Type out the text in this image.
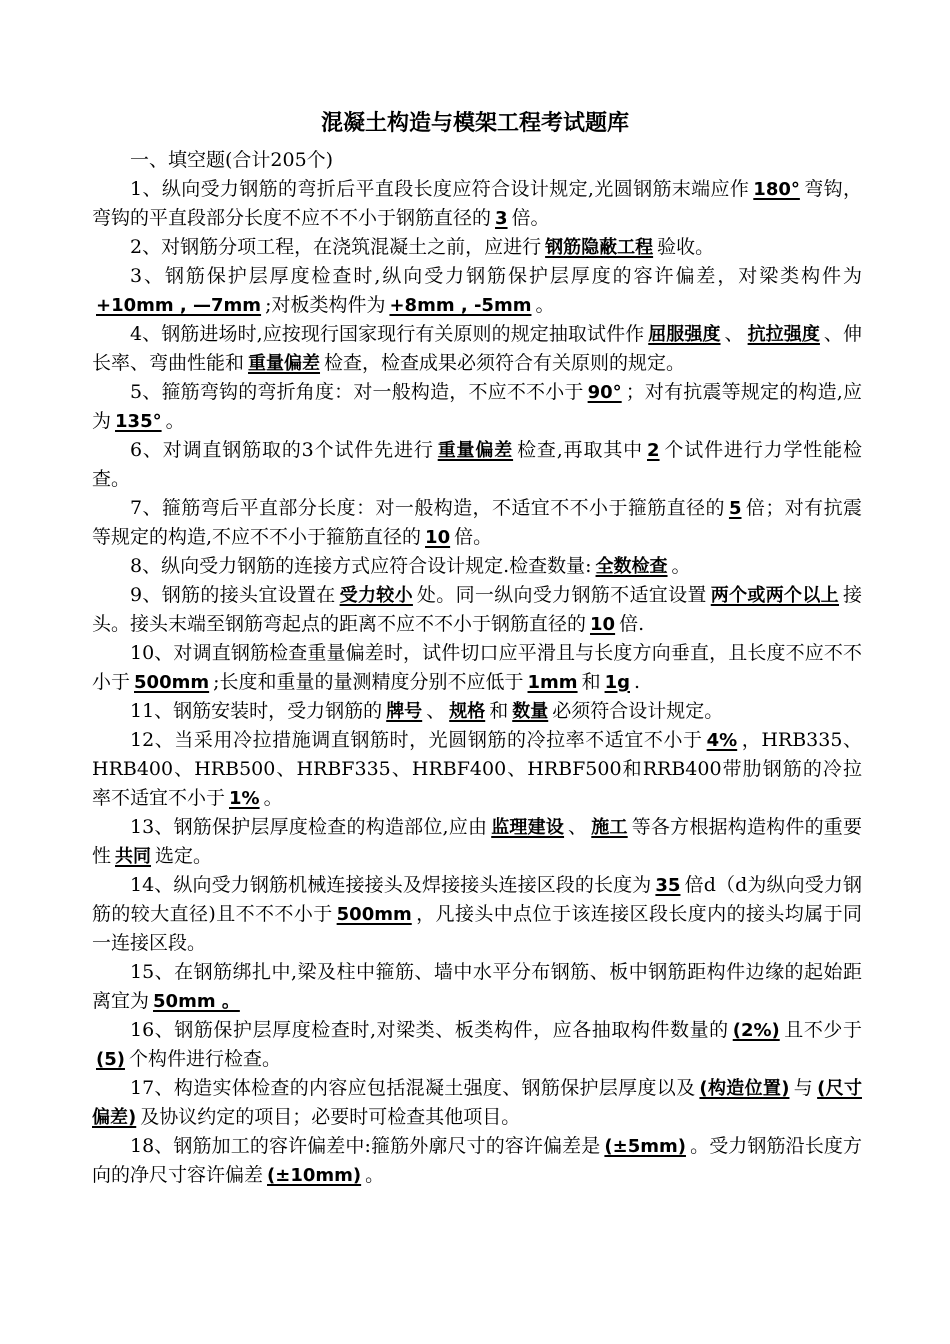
混凝土构造与模架工程考试题库

一、填空题(合计205个)

1、纵向受力钢筋的弯折后平直段长度应符合设计规定,光圆钢筋末端应作 180° 弯钩，弯钩的平直段部分长度不应不不小于钢筋直径的 3 倍。

2、对钢筋分项工程，在浇筑混凝土之前，应进行 钢筋隐蔽工程 验收。

3、钢筋保护层厚度检查时,纵向受力钢筋保护层厚度的容许偏差，对梁类构件为+10mm , —7mm ;对板类构件为 +8mm , -5mm 。

4、钢筋进场时,应按现行国家现行有关原则的规定抽取试件作 屈服强度 、 抗拉强度 、伸长率、弯曲性能和 重量偏差 检查，检查成果必须符合有关原则的规定。

5、箍筋弯钩的弯折角度：对一般构造，不应不不小于 90° ；对有抗震等规定的构造,应为 135° 。

6、对调直钢筋取的3个试件先进行 重量偏差 检查,再取其中 2 个试件进行力学性能检查。

7、箍筋弯后平直部分长度：对一般构造，不适宜不不小于箍筋直径的 5 倍；对有抗震等规定的构造,不应不不小于箍筋直径的 10 倍。

8、纵向受力钢筋的连接方式应符合设计规定.检查数量: 全数检查 。

9、钢筋的接头宜设置在 受力较小 处。同一纵向受力钢筋不适宜设置 两个或两个以上 接头。接头末端至钢筋弯起点的距离不应不不小于钢筋直径的 10 倍.

10、对调直钢筋检查重量偏差时，试件切口应平滑且与长度方向垂直，且长度不应不不小于 500mm ;长度和重量的量测精度分别不应低于 1mm 和 1g .

11、钢筋安装时，受力钢筋的 牌号 、 规格 和 数量 必须符合设计规定。

12、当采用冷拉措施调直钢筋时，光圆钢筋的冷拉率不适宜不小于 4% ，HRB335、HRB400、HRB500、HRBF335、HRBF400、HRBF500和RRB400带肋钢筋的冷拉率不适宜不小于 1% 。

13、钢筋保护层厚度检查的构造部位,应由 监理建设 、 施工 等各方根据构造构件的重要性 共同 选定。

14、纵向受力钢筋机械连接接头及焊接接头连接区段的长度为 35 倍d（d为纵向受力钢筋的较大直径)且不不不小于 500mm ，凡接头中点位于该连接区段长度内的接头均属于同一连接区段。

15、在钢筋绑扎中,梁及柱中箍筋、墙中水平分布钢筋、板中钢筋距构件边缘的起始距离宜为 50mm 。

16、钢筋保护层厚度检查时,对梁类、板类构件，应各抽取构件数量的 (2%) 且不少于(5) 个构件进行检查。

17、构造实体检查的内容应包括混凝土强度、钢筋保护层厚度以及 (构造位置) 与 (尺寸偏差) 及协议约定的项目；必要时可检查其他项目。

18、钢筋加工的容许偏差中:箍筋外廓尺寸的容许偏差是 (±5mm) 。受力钢筋沿长度方向的净尺寸容许偏差 (±10mm) 。
